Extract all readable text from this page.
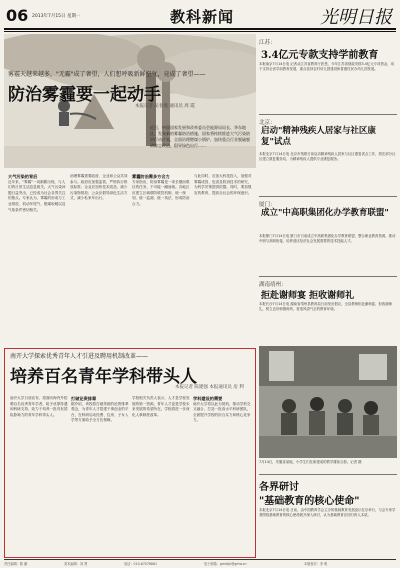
06 2013年7月15日 星期一	教科新闻	光明日报
雾霾天越来越多，"无霾"成了奢望，人们想呼吸新鲜空气，竟成了奢望——
防治雾霾要一起动手
本报记者 吴春燕 通讯员 周 霞
近日，中国国家发展和改革委员会能源局局长、华东地区，发布新的雾霾防治措施，国家将持续推进大气污染防治行动计划，全面治理燃煤小锅炉，加快重点行业脱硫脱硝除尘改造，倡导绿色出行……
大气污染的背后
近年来，"雾霾"一词频繁出现，与人们的日常生活息息相关。大气污染问题日益突出，已经成为社会各界关注的焦点。专家认为，雾霾的形成与工业排放、机动车尾气、燃煤取暖以及气象条件密切相关。
治理雾霾需要政府、企业和公众共同参与。政府应加强监管，严格执行排放标准；企业应加快技术改造，减少污染物排放；公众应倡导绿色生活方式，减少私家车出行。
雾霾防治需多方合力
专家指出，防治雾霾是一项长期而艰巨的任务，不可能一蹴而就。各地区应建立区域联防联控机制，统一规划、统一监测、统一执法，形成防治合力。
与此同时，应加大科技投入，加强对雾霾成因、危害及防治技术的研究，为科学决策提供依据。同时，要加强宣传教育，提高全社会的环保意识。
南开大学探索优秀青年人才引进及聘用机制改革——
培养百名青年学科带头人
本报记者 陈建强 本报通讯员 房 利
南开大学日前宣布，将面向海内外招聘百名优秀青年学者，给予优厚待遇和科研支持，致力于培养一批具有国际影响力的青年学科带头人。
打破论资排辈
据介绍，该校将打破传统的论资排辈观念，为青年人才搭建干事创业的平台，在科研启动经费、住房、子女入学等方面给予全方位保障。
学校相关负责人表示，人才是学校发展的第一资源，青年人才更是学校未来发展的希望所在。学校将进一步深化人事制度改革。
学科建设的需要
南开大学将以此为契机，推动学科交叉融合，打造一批高水平科研团队，全面提升学校的综合实力和核心竞争力。
江苏：
3.4亿元专款支持学前教育
本报南京7月14日电 记者从江苏省教育厅获悉，今年江苏省财政安排3.4亿元专项资金，用于支持全省学前教育发展，重点扶持农村幼儿园建设和普惠性民办幼儿园发展。
北京：
启动"精神残疾人居家与社区康复"试点
本报北京7月14日电 北京市残联日前启动精神残疾人居家与社区康复试点工作，将在部分社区建立康复服务站，为精神残疾人提供专业康复服务。
厦门：
成立"中高职集团化办学教育联盟"
本报厦门7月14日电 厦门市日前成立中高职集团化办学教育联盟，整合职业教育资源，推动中职与高职衔接，培养适应经济社会发展需要的技术技能人才。
湖南靖州：
拒赴谢师宴 拒收谢师礼
本报长沙7月14日电 湖南省靖州县教育局日前发出倡议，全县教师拒赴谢师宴、拒收谢师礼，树立良好师德师风，营造风清气正的教育环境。
7月14日，安徽省某地，小学生们在新建成的教学楼前合影。记者 摄
各界研讨
"基础教育的核心使命"
本报北京7月14日电 日前，由中国教育学会主办的基础教育发展论坛在京举行，与会专家学者围绕基础教育的核心使命展开深入研讨，认为基础教育应回归育人本质。
责任编辑：陈 鹏	美术编辑：刘 贤	电话：010-67078861	电子邮箱：gmrbjk@gmw.cn	本版校对：李 明
